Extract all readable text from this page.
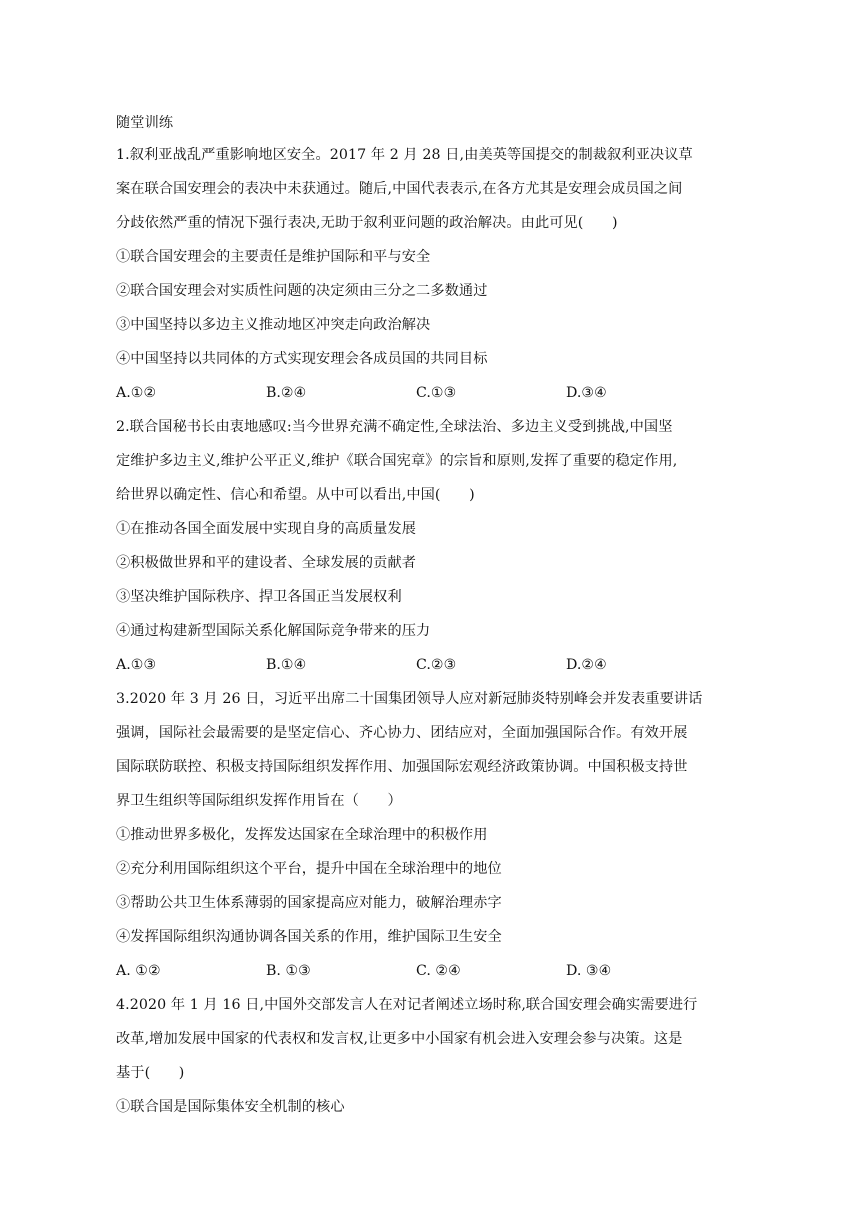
随堂训练
1.叙利亚战乱严重影响地区安全。2017 年 2 月 28 日,由美英等国提交的制裁叙利亚决议草
案在联合国安理会的表决中未获通过。随后,中国代表表示,在各方尤其是安理会成员国之间
分歧依然严重的情况下强行表决,无助于叙利亚问题的政治解决。由此可见(　　)
①联合国安理会的主要责任是维护国际和平与安全
②联合国安理会对实质性问题的决定须由三分之二多数通过
③中国坚持以多边主义推动地区冲突走向政治解决
④中国坚持以共同体的方式实现安理会各成员国的共同目标
A.①②	B.②④	C.①③	D.③④
2.联合国秘书长由衷地感叹:当今世界充满不确定性,全球法治、多边主义受到挑战,中国坚
定维护多边主义,维护公平正义,维护《联合国宪章》的宗旨和原则,发挥了重要的稳定作用,
给世界以确定性、信心和希望。从中可以看出,中国(　　)
①在推动各国全面发展中实现自身的高质量发展
②积极做世界和平的建设者、全球发展的贡献者
③坚决维护国际秩序、捍卫各国正当发展权利
④通过构建新型国际关系化解国际竞争带来的压力
A.①③	B.①④	C.②③	D.②④
3.2020 年 3 月 26 日，习近平出席二十国集团领导人应对新冠肺炎特别峰会并发表重要讲话
强调，国际社会最需要的是坚定信心、齐心协力、团结应对，全面加强国际合作。有效开展
国际联防联控、积极支持国际组织发挥作用、加强国际宏观经济政策协调。中国积极支持世
界卫生组织等国际组织发挥作用旨在（　　）
①推动世界多极化，发挥发达国家在全球治理中的积极作用
②充分利用国际组织这个平台，提升中国在全球治理中的地位
③帮助公共卫生体系薄弱的国家提高应对能力，破解治理赤字
④发挥国际组织沟通协调各国关系的作用，维护国际卫生安全
A. ①②	B. ①③	C. ②④	D. ③④
4.2020 年 1 月 16 日,中国外交部发言人在对记者阐述立场时称,联合国安理会确实需要进行
改革,增加发展中国家的代表权和发言权,让更多中小国家有机会进入安理会参与决策。这是
基于(　　)
①联合国是国际集体安全机制的核心
